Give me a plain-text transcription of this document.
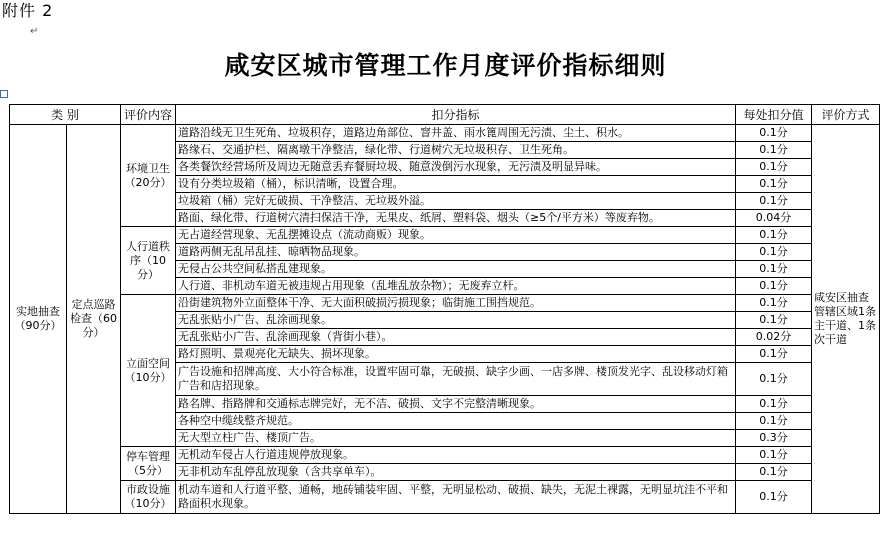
附件 2
↵
咸安区城市管理工作月度评价指标细则
类 别		评价内容	扣分指标	每处扣分值	评价方式
实地抽查（90分）	定点巡路检查（60分）	环境卫生（20分）	道路沿线无卫生死角、垃圾积存，道路边角部位、窨井盖、雨水篦周围无污渍、尘土、积水。	0.1分	咸安区抽查管辖区域1条主干道、1条次干道
			路缘石、交通护栏、隔离墩干净整洁，绿化带、行道树穴无垃圾积存、卫生死角。	0.1分	
			各类餐饮经营场所及周边无随意丢弃餐厨垃圾、随意泼倒污水现象，无污渍及明显异味。	0.1分	
			设有分类垃圾箱（桶），标识清晰，设置合理。	0.1分	
			垃圾箱（桶）完好无破损、干净整洁、无垃圾外溢。	0.1分	
			路面、绿化带、行道树穴清扫保洁干净，无果皮、纸屑、塑料袋、烟头（≥5个/平方米）等废弃物。	0.04分	
		人行道秩序（10分）	无占道经营现象、无乱摆摊设点（流动商贩）现象。	0.1分	
			道路两侧无乱吊乱挂、晾晒物品现象。	0.1分	
			无侵占公共空间私搭乱建现象。	0.1分	
			人行道、非机动车道无被违规占用现象（乱堆乱放杂物）；无废弃立杆。	0.1分	
		立面空间（10分）	沿街建筑物外立面整体干净、无大面积破损污损现象；临街施工围挡规范。	0.1分	
			无乱张贴小广告、乱涂画现象。	0.1分	
			无乱张贴小广告、乱涂画现象（背街小巷）。	0.02分	
			路灯照明、景观亮化无缺失、损坏现象。	0.1分	
			广告设施和招牌高度、大小符合标准，设置牢固可靠，无破损、缺字少画、一店多牌、楼顶发光字、乱设移动灯箱广告和店招现象。	0.1分	
			路名牌、指路牌和交通标志牌完好，无不洁、破损、文字不完整清晰现象。	0.1分	
			各种空中缆线整齐规范。	0.1分	
			无大型立柱广告、楼顶广告。	0.3分	
		停车管理（5分）	无机动车侵占人行道违规停放现象。	0.1分	
			无非机动车乱停乱放现象（含共享单车）。	0.1分	
		市政设施（10分）	机动车道和人行道平整、通畅，地砖铺装牢固、平整，无明显松动、破损、缺失，无泥土裸露，无明显坑洼不平和路面积水现象。	0.1分	
